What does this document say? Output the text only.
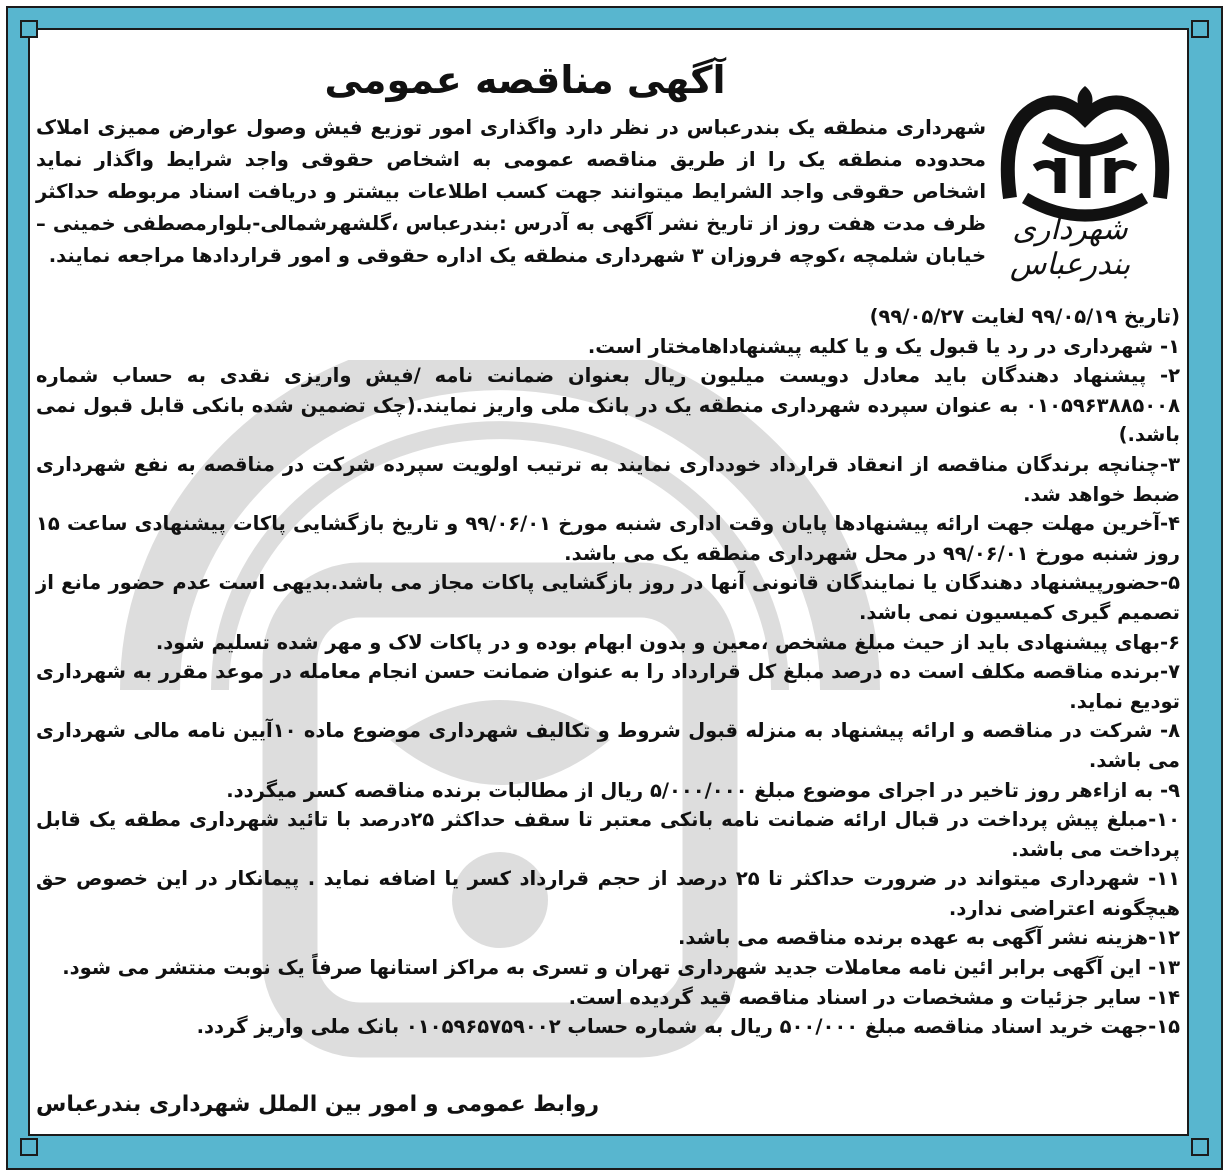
شهرداری بندرعباس
آگهی مناقصه عمومی
شهرداری منطقه یک بندرعباس در نظر دارد واگذاری امور توزیع فیش وصول عوارض ممیزی املاک محدوده منطقه یک را از طریق مناقصه عمومی به اشخاص حقوقی واجد شرایط واگذار نماید اشخاص حقوقی واجد الشرایط میتوانند جهت کسب اطلاعات بیشتر و دریافت اسناد مربوطه حداکثر ظرف مدت هفت روز از تاریخ نشر آگهی به آدرس :بندرعباس ،گلشهرشمالی-بلوارمصطفی خمینی –خیابان شلمچه ،کوچه فروزان ۳ شهرداری منطقه یک اداره حقوقی و امور قراردادها مراجعه نمایند.

(تاریخ ۹۹/۰۵/۱۹ لغایت ۹۹/۰۵/۲۷)

۱- شهرداری در رد یا قبول یک و یا کلیه پیشنهاداهامختار است.

۲- پیشنهاد دهندگان باید معادل دویست میلیون ریال بعنوان ضمانت نامه /فیش واریزی نقدی به حساب شماره ۰۱۰۵۹۶۳۸۸۵۰۰۸ به عنوان سپرده شهرداری منطقه یک در بانک ملی واریز نمایند.(چک تضمین شده بانکی قابل قبول نمی باشد.)

۳-چنانچه برندگان مناقصه از انعقاد قرارداد خودداری نمایند به ترتیب اولویت سپرده شرکت در مناقصه به نفع شهرداری ضبط خواهد شد.

۴-آخرین مهلت جهت ارائه پیشنهادها پایان وقت اداری شنبه مورخ ۹۹/۰۶/۰۱ و تاریخ بازگشایی پاکات پیشنهادی ساعت ۱۵ روز شنبه مورخ ۹۹/۰۶/۰۱ در محل شهرداری منطقه یک می باشد.

۵-حضورپیشنهاد دهندگان یا نمایندگان قانونی آنها در روز بازگشایی پاکات مجاز می باشد.بدیهی است عدم حضور مانع از تصمیم گیری کمیسیون نمی باشد.

۶-بهای پیشنهادی باید از حیث مبلغ مشخص ،معین و بدون ابهام بوده و در پاکات لاک و مهر شده تسلیم شود.

۷-برنده مناقصه مکلف است ده درصد مبلغ کل قرارداد را به عنوان ضمانت حسن انجام معامله در موعد مقرر به شهرداری تودیع نماید.

۸- شرکت در مناقصه و ارائه پیشنهاد به منزله قبول شروط و تکالیف شهرداری موضوع ماده ۱۰آیین نامه مالی شهرداری می باشد.

۹- به ازاءهر روز تاخیر در اجرای موضوع مبلغ ۵/۰۰۰/۰۰۰ ریال از مطالبات برنده مناقصه کسر میگردد.

۱۰-مبلغ پیش پرداخت در قبال ارائه ضمانت نامه بانکی معتبر تا سقف حداکثر ۲۵درصد با تائید شهرداری مطقه یک قابل پرداخت می باشد.

۱۱- شهرداری میتواند در ضرورت حداکثر تا ۲۵ درصد از حجم قرارداد کسر یا اضافه نماید . پیمانکار در این خصوص حق هیچگونه اعتراضی ندارد.

۱۲-هزینه نشر آگهی به عهده برنده مناقصه می باشد.

۱۳- این آگهی برابر ائین نامه معاملات جدید شهرداری تهران و تسری به مراکز استانها صرفاً یک نوبت منتشر می شود.

۱۴- سایر جزئیات و مشخصات در اسناد مناقصه قید گردیده است.

۱۵-جهت خرید اسناد مناقصه مبلغ ۵۰۰/۰۰۰ ریال به شماره حساب ۰۱۰۵۹۶۵۷۵۹۰۰۲ بانک ملی واریز گردد.

روابط عمومی و امور بین الملل شهرداری بندرعباس
